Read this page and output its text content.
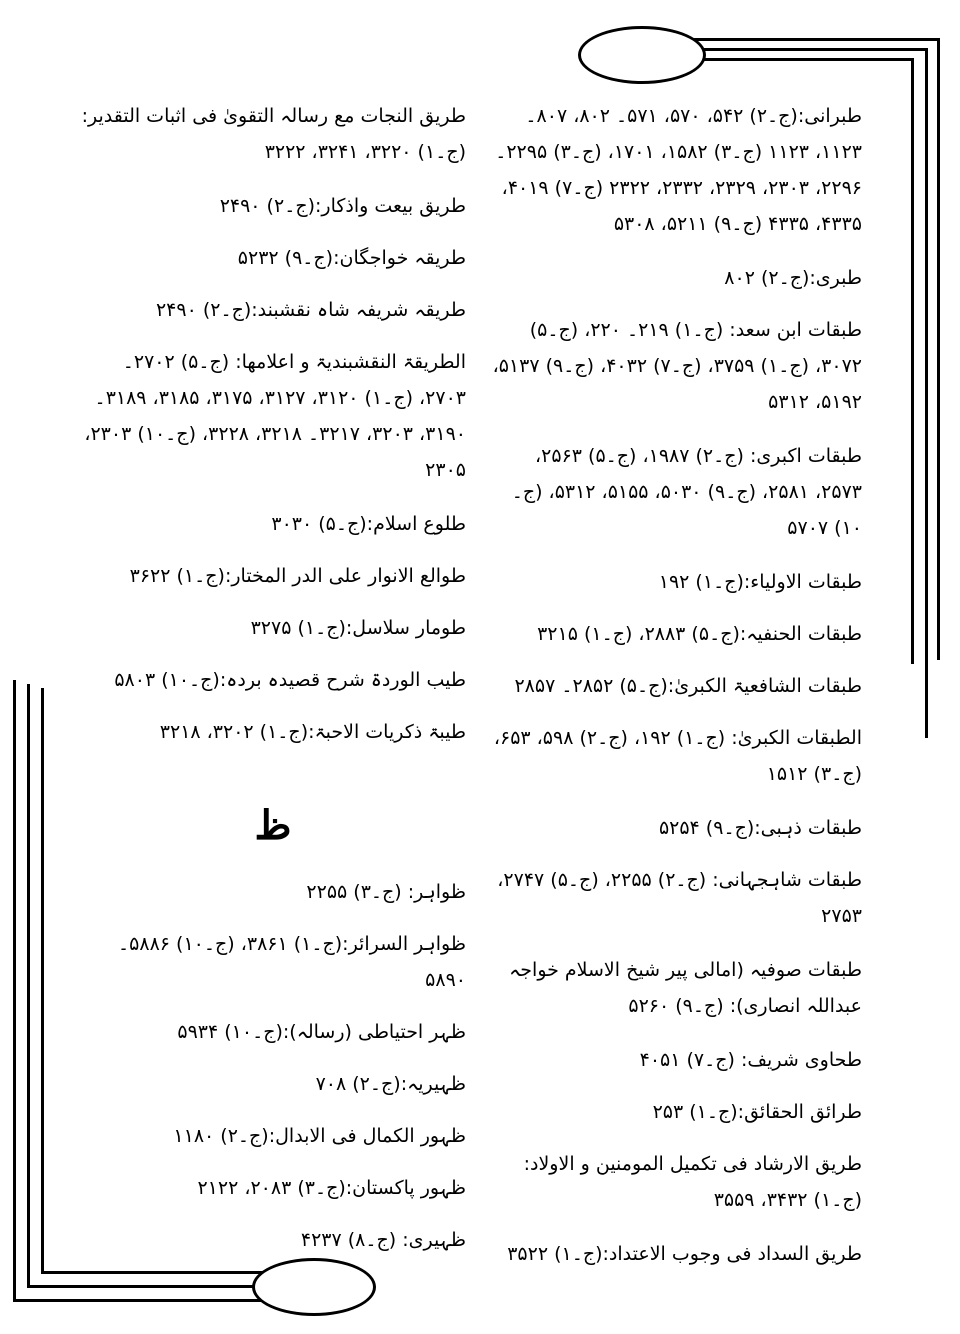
طبرانی:(ج۔۲) ۵۴۲، ۵۷۰، ۵۷۱۔ ۸۰۲، ۸۰۷۔ ۱۱۲۳، ۱۱۲۳ (ج۔۳) ۱۵۸۲، ۱۷۰۱، (ج۔۳) ۲۲۹۵۔ ۲۲۹۶، ۲۳۰۳، ۲۳۲۹، ۲۳۳۲، ۲۳۲۲ (ج۔۷) ۴۰۱۹، ۴۳۳۵، ۴۳۳۵ (ج۔۹) ۵۲۱۱، ۵۳۰۸
طبری:(ج۔۲) ۸۰۲
طبقات ابن سعد: (ج۔۱) ۲۱۹۔ ۲۲۰، (ج۔۵) ۳۰۷۲، (ج۔۱) ۳۷۵۹، (ج۔۷) ۴۰۳۲، (ج۔۹) ۵۱۳۷، ۵۱۹۲، ۵۳۱۲
طبقات اکبری: (ج۔۲) ۱۹۸۷، (ج۔۵) ۲۵۶۳، ۲۵۷۳، ۲۵۸۱، (ج۔۹) ۵۰۳۰، ۵۱۵۵، ۵۳۱۲، (ج۔۱۰) ۵۷۰۷
طبقات الاولیاء:(ج۔۱) ۱۹۲
طبقات الحنفیہ:(ج۔۵) ۲۸۸۳، (ج۔۱) ۳۲۱۵
طبقات الشافعیۃ الکبریٰ:(ج۔۵) ۲۸۵۲۔ ۲۸۵۷
الطبقات الکبریٰ: (ج۔۱) ۱۹۲، (ج۔۲) ۵۹۸، ۶۵۳، (ج۔۳) ۱۵۱۲
طبقات ذہبی:(ج۔۹) ۵۲۵۴
طبقات شاہجہانی: (ج۔۲) ۲۲۵۵، (ج۔۵) ۲۷۴۷، ۲۷۵۳
طبقات صوفیہ (امالی پیر شیخ الاسلام خواجہ عبداللہ انصاری): (ج۔۹) ۵۲۶۰
طحاوی شریف: (ج۔۷) ۴۰۵۱
طرائق الحقائق:(ج۔۱) ۲۵۳
طریق الارشاد فی تکمیل المومنین و الاولاد: (ج۔۱) ۳۴۳۲، ۳۵۵۹
طریق السداد فی وجوب الاعتداد:(ج۔۱) ۳۵۲۲
طریق النجات مع رسالہ التقویٰ فی اثبات التقدیر:(ج۔۱) ۳۲۲۰، ۳۲۴۱، ۳۲۲۲
طریق بیعت واذکار:(ج۔۲) ۲۴۹۰
طریقہ خواجگان:(ج۔۹) ۵۲۳۲
طریقہ شریفہ شاہ نقشبند:(ج۔۲) ۲۴۹۰
الطریقۃ النقشبندیۃ و اعلامھا: (ج۔۵) ۲۷۰۲۔ ۲۷۰۳، (ج۔۱) ۳۱۲۰، ۳۱۲۷، ۳۱۷۵، ۳۱۸۵، ۳۱۸۹۔ ۳۱۹۰، ۳۲۰۳، ۳۲۱۷۔ ۳۲۱۸، ۳۲۲۸، (ج۔۱۰) ۲۳۰۳، ۲۳۰۵
طلوع اسلام:(ج۔۵) ۳۰۳۰
طوالع الانوار علی الدر المختار:(ج۔۱) ۳۶۲۲
طومار سلاسل:(ج۔۱) ۳۲۷۵
طیب الوردۃ شرح قصیدہ بردہ:(ج۔۱۰) ۵۸۰۳
طیبۃ ذکریات الاحبۃ:(ج۔۱) ۳۲۰۲، ۳۲۱۸
ظ
ظواہر: (ج۔۳) ۲۲۵۵
ظواہر السرائر:(ج۔۱) ۳۸۶۱، (ج۔۱۰) ۵۸۸۶۔ ۵۸۹۰
ظہر احتیاطی (رسالہ):(ج۔۱۰) ۵۹۳۴
ظہیریہ:(ج۔۲) ۷۰۸
ظہور الکمال فی الابدال:(ج۔۲) ۱۱۸۰
ظہور پاکستان:(ج۔۳) ۲۰۸۳، ۲۱۲۲
ظہیری: (ج۔۸) ۴۲۳۷
